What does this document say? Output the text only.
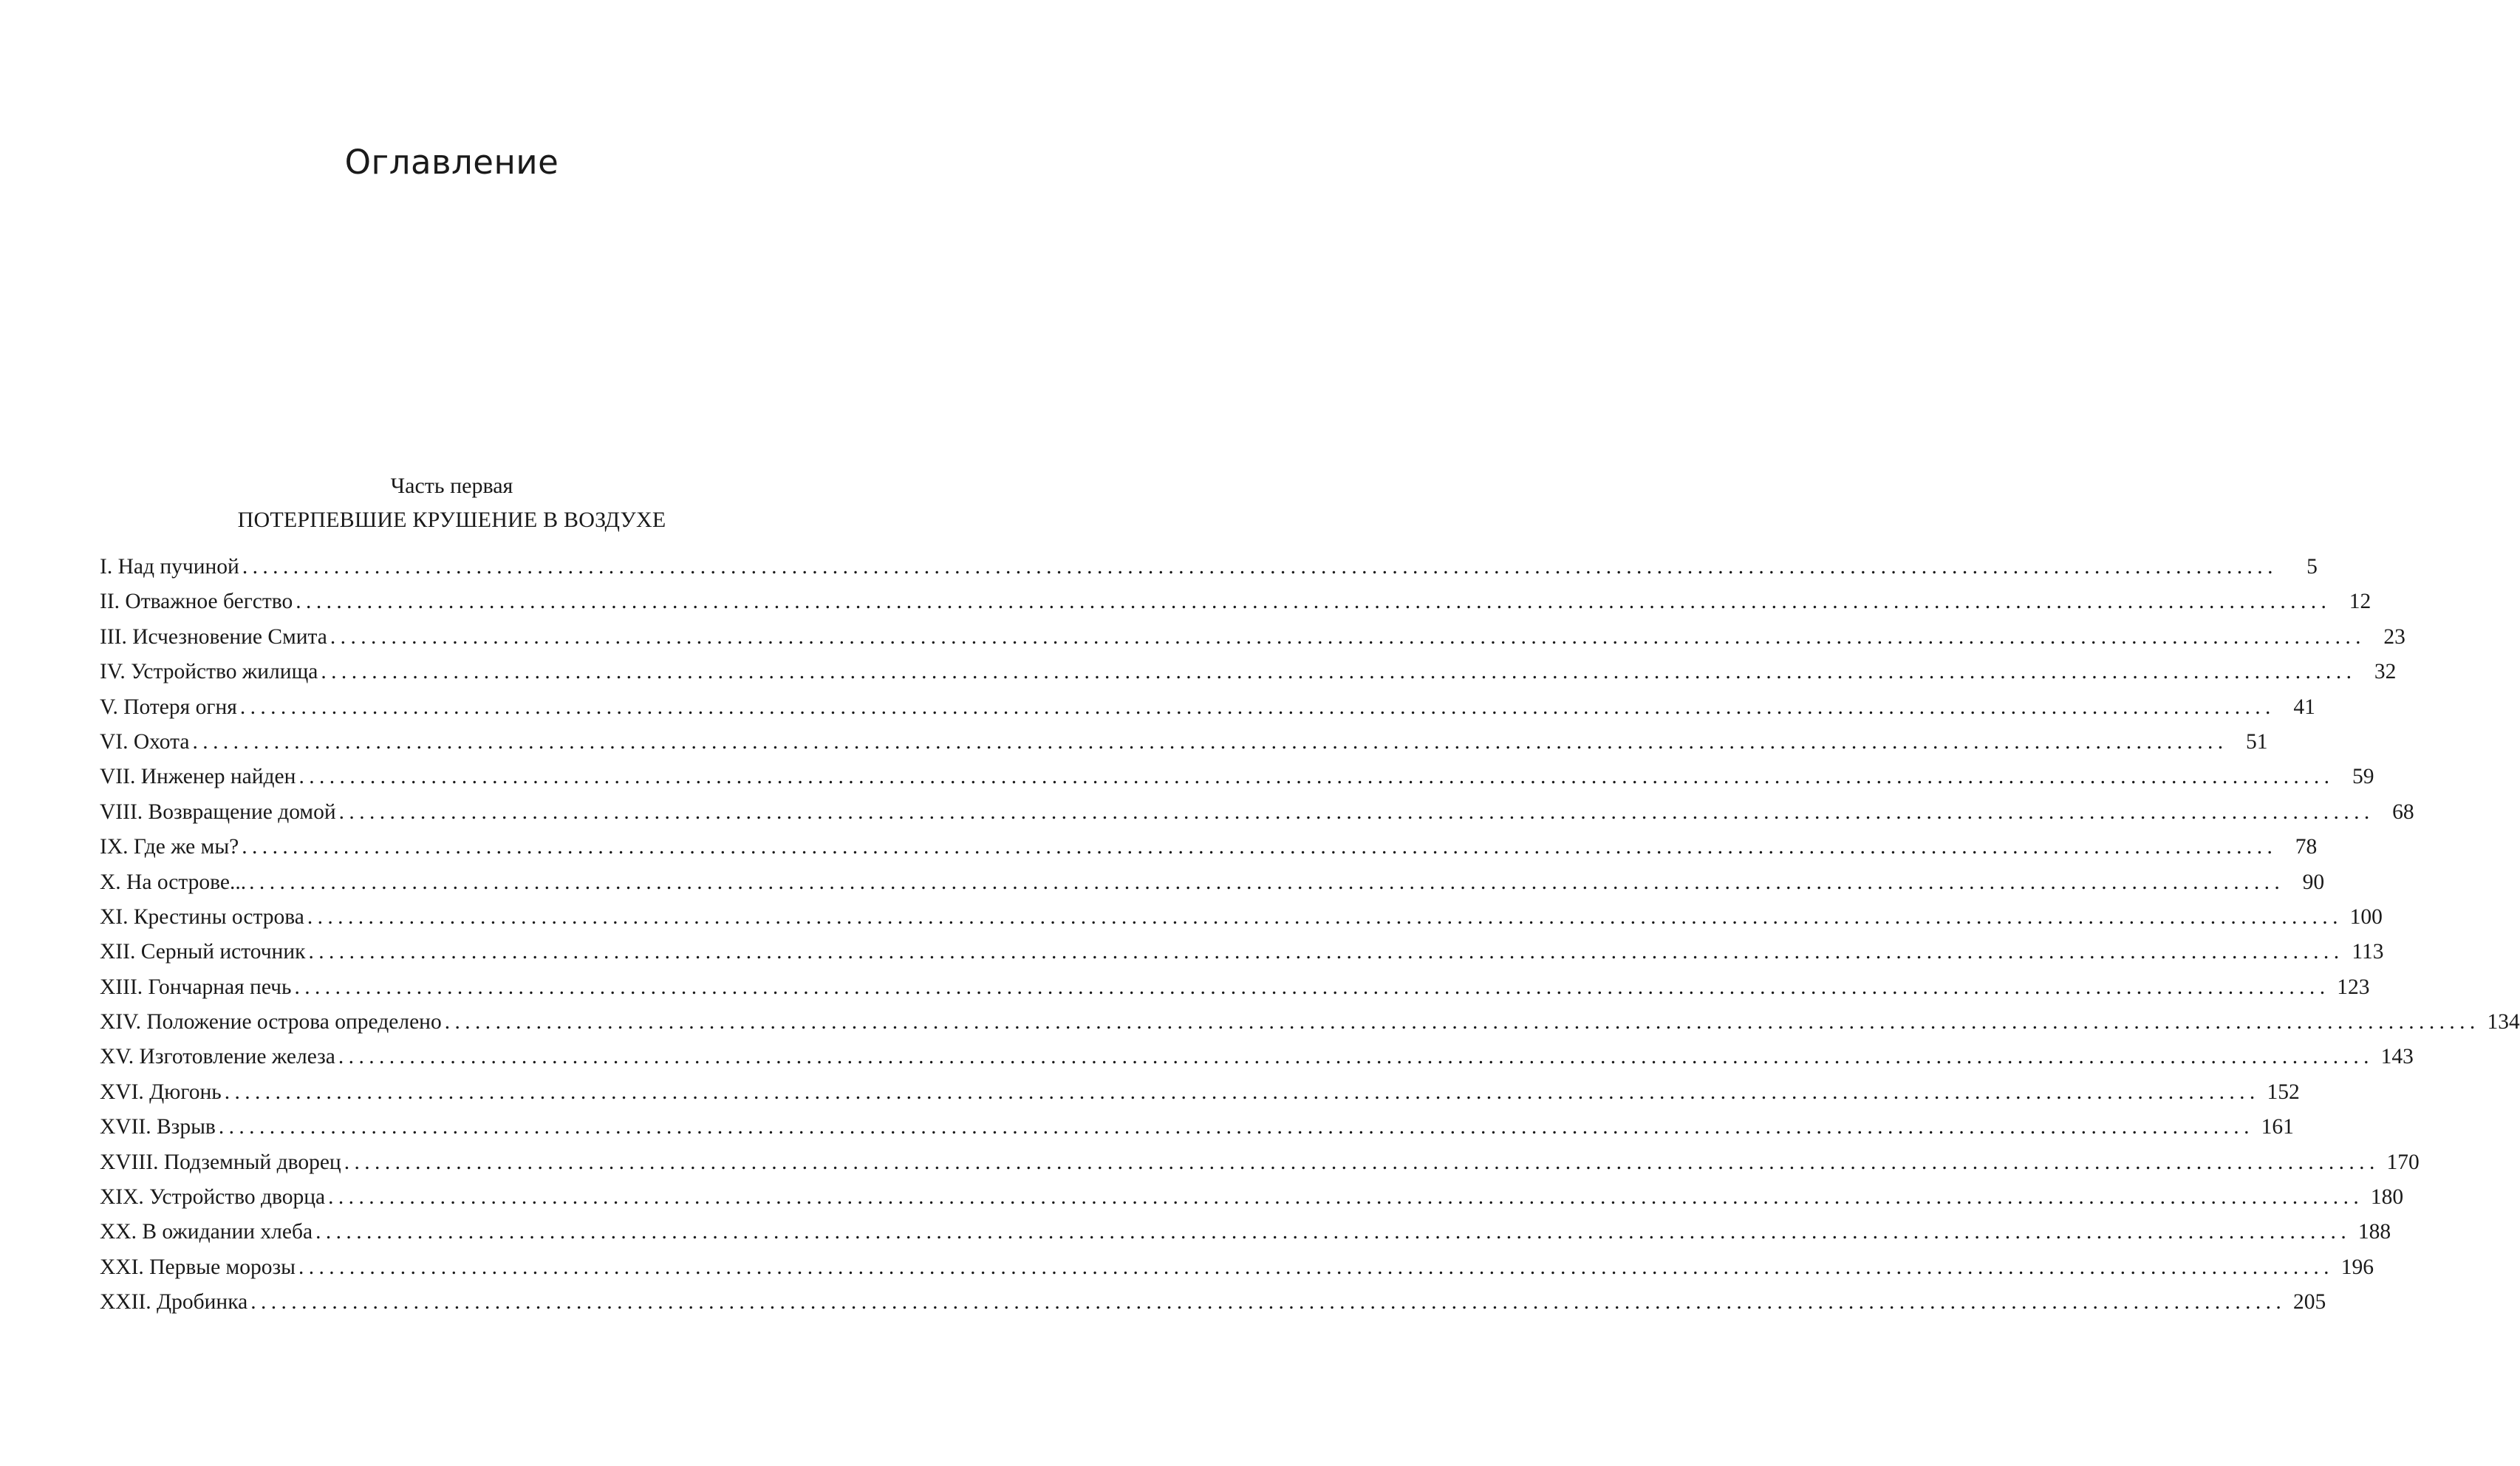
Оглавление
Часть первая
ПОТЕРПЕВШИЕ КРУШЕНИЕ В ВОЗДУХЕ
I. Над пучиной ........................................................................................................................................................................................................	5
II. Отважное бегство ........................................................................................................................................................................................................ 12
III. Исчезновение Смита ........................................................................................................................................................................................................ 23
IV. Устройство жилища ........................................................................................................................................................................................................ 32
V. Потеря огня ........................................................................................................................................................................................................ 41
VI. Охота ........................................................................................................................................................................................................ 51
VII. Инженер найден ........................................................................................................................................................................................................ 59
VIII. Возвращение домой ........................................................................................................................................................................................................ 68
IX. Где же мы? ........................................................................................................................................................................................................ 78
X. На острове... ........................................................................................................................................................................................................ 90
XI. Крестины острова ........................................................................................................................................................................................................ 100
XII. Серный источник ........................................................................................................................................................................................................ 113
XIII. Гончарная печь ........................................................................................................................................................................................................ 123
XIV. Положение острова определено ........................................................................................................................................................................................................ 134
XV. Изготовление железа ........................................................................................................................................................................................................ 143
XVI. Дюгонь ........................................................................................................................................................................................................ 152
XVII. Взрыв ........................................................................................................................................................................................................ 161
XVIII. Подземный дворец ........................................................................................................................................................................................................ 170
XIX. Устройство дворца ........................................................................................................................................................................................................ 180
XX. В ожидании хлеба ........................................................................................................................................................................................................ 188
XXI. Первые морозы ........................................................................................................................................................................................................ 196
XXII. Дробинка ........................................................................................................................................................................................................ 205
